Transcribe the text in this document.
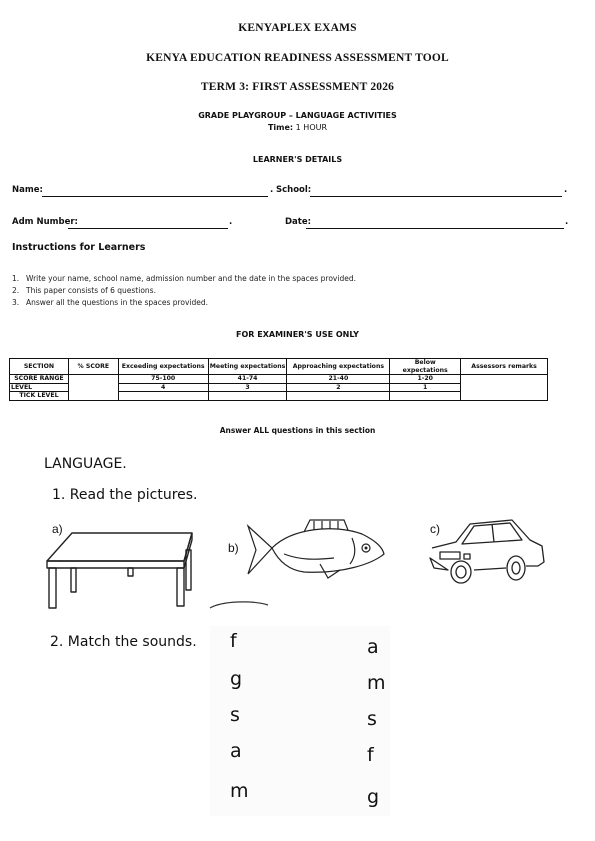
KENYAPLEX EXAMS
KENYA EDUCATION READINESS ASSESSMENT TOOL
TERM 3: FIRST ASSESSMENT 2026
GRADE PLAYGROUP – LANGUAGE ACTIVITIES
Time: 1 HOUR
LEARNER'S DETAILS
Name:	. School:	.
Adm Number:	.	Date:	.
Instructions for Learners
1. Write your name, school name, admission number and the date in the spaces provided.
2. This paper consists of 6 questions.
3. Answer all the questions in the spaces provided.
FOR EXAMINER'S USE ONLY
SECTION	% SCORE	Exceeding expectations	Meeting expectations	Approaching expectations	Below expectations	Assessors remarks
SCORE RANGE		75-100	41-74	21-40	1-20	
LEVEL		4	3	2	1	
TICK LEVEL						
Answer ALL questions in this section
LANGUAGE.
1. Read the pictures.
a)
b)
c)
2. Match the sounds. f
g
s
a
m
a
m
s
f
g
